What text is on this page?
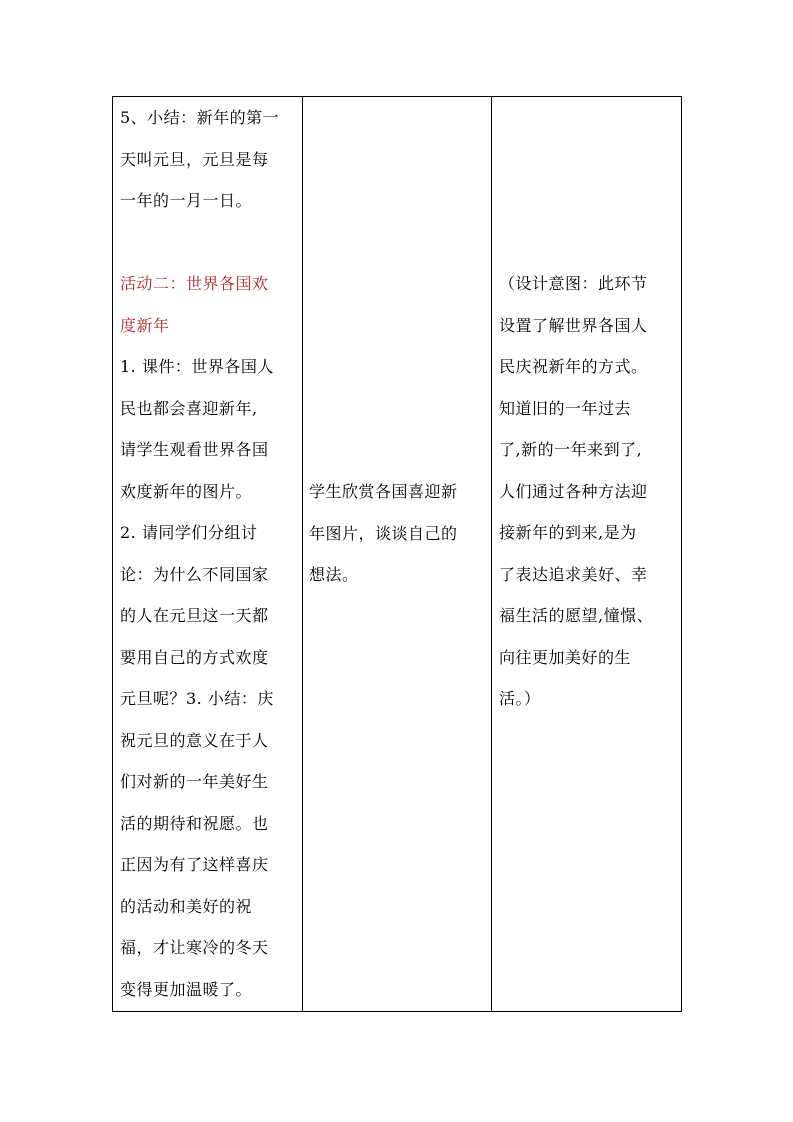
5、小结：新年的第一

天叫元旦，元旦是每

一年的一月一日。

活动二：世界各国欢

度新年

1. 课件：世界各国人

民也都会喜迎新年,

请学生观看世界各国

欢度新年的图片。

2. 请同学们分组讨

论：为什么不同国家

的人在元旦这一天都

要用自己的方式欢度

元旦呢？3. 小结：庆

祝元旦的意义在于人

们对新的一年美好生

活的期待和祝愿。也

正因为有了这样喜庆

的活动和美好的祝

福，才让寒冷的冬天

变得更加温暖了。

学生欣赏各国喜迎新

年图片，谈谈自己的

想法。

（设计意图：此环节

设置了解世界各国人

民庆祝新年的方式。

知道旧的一年过去

了,新的一年来到了,

人们通过各种方法迎

接新年的到来,是为

了表达追求美好、幸

福生活的愿望,憧憬、

向往更加美好的生

活。）
